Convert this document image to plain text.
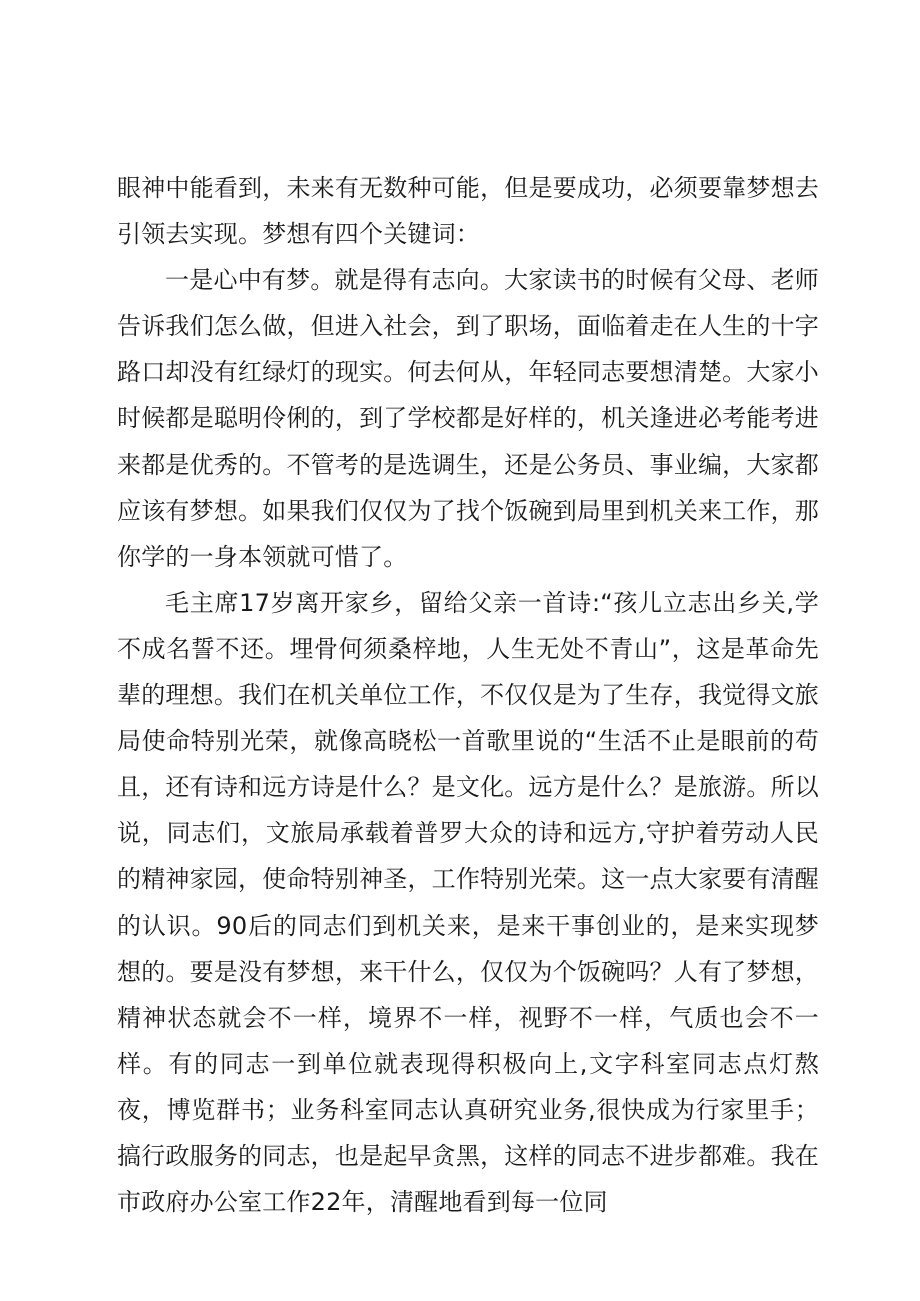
眼神中能看到，未来有无数种可能，但是要成功，必须要靠梦想去引领去实现。梦想有四个关键词：

一是心中有梦。就是得有志向。大家读书的时候有父母、老师告诉我们怎么做，但进入社会，到了职场，面临着走在人生的十字路口却没有红绿灯的现实。何去何从，年轻同志要想清楚。大家小时候都是聪明伶俐的，到了学校都是好样的，机关逢进必考能考进来都是优秀的。不管考的是选调生，还是公务员、事业编，大家都应该有梦想。如果我们仅仅为了找个饭碗到局里到机关来工作，那你学的一身本领就可惜了。

毛主席17岁离开家乡，留给父亲一首诗:“孩儿立志出乡关,学不成名誓不还。埋骨何须桑梓地，人生无处不青山”，这是革命先辈的理想。我们在机关单位工作，不仅仅是为了生存，我觉得文旅局使命特别光荣，就像高晓松一首歌里说的“生活不止是眼前的苟且，还有诗和远方诗是什么？是文化。远方是什么？是旅游。所以说，同志们，文旅局承载着普罗大众的诗和远方,守护着劳动人民的精神家园，使命特别神圣，工作特别光荣。这一点大家要有清醒的认识。90后的同志们到机关来，是来干事创业的，是来实现梦想的。要是没有梦想，来干什么，仅仅为个饭碗吗？人有了梦想，精神状态就会不一样，境界不一样，视野不一样，气质也会不一样。有的同志一到单位就表现得积极向上,文字科室同志点灯熬夜，博览群书；业务科室同志认真研究业务,很快成为行家里手；搞行政服务的同志，也是起早贪黑，这样的同志不进步都难。我在市政府办公室工作22年，清醒地看到每一位同
